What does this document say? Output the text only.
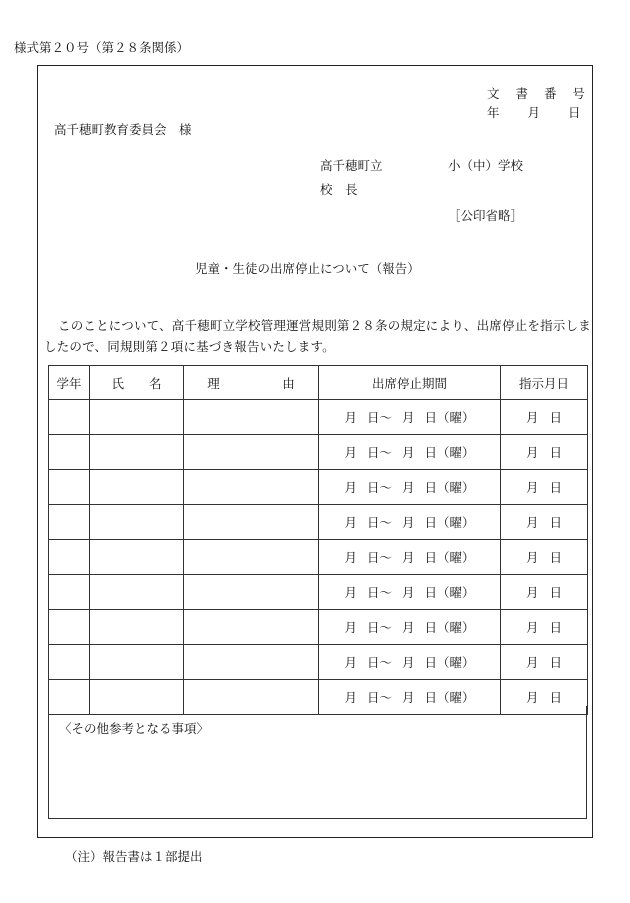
様式第２０号（第２８条関係）
文 書 番 号
年　　月　　日
高千穂町教育委員会　様
高千穂町立	小（中）学校
校　長
［公印省略］
児童・生徒の出席停止について（報告）
このことについて、高千穂町立学校管理運営規則第２８条の規定により、出席停止を指示しましたので、同規則第２項に基づき報告いたします。
学年	氏　　名	理　　　　　由	出席停止期間	指示月日

			月 日～ 月 日（曜）	月 日

			月 日～ 月 日（曜）	月 日

			月 日～ 月 日（曜）	月 日

			月 日～ 月 日（曜）	月 日

			月 日～ 月 日（曜）	月 日

			月 日～ 月 日（曜）	月 日

			月 日～ 月 日（曜）	月 日

			月 日～ 月 日（曜）	月 日

			月 日～ 月 日（曜）	月 日
〈その他参考となる事項〉
（注）報告書は１部提出
